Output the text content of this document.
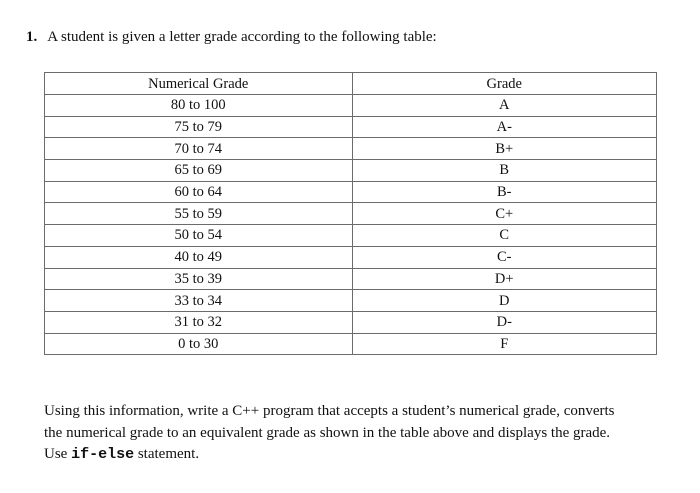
1. A student is given a letter grade according to the following table:
Numerical Grade	Grade
80 to 100	A
75 to 79	A-
70 to 74	B+
65 to 69	B
60 to 64	B-
55 to 59	C+
50 to 54	C
40 to 49	C-
35 to 39	D+
33 to 34	D
31 to 32	D-
0 to 30	F

Using this information, write a C++ program that accepts a student’s numerical grade, converts

the numerical grade to an equivalent grade as shown in the table above and displays the grade.

Use if-else statement.
